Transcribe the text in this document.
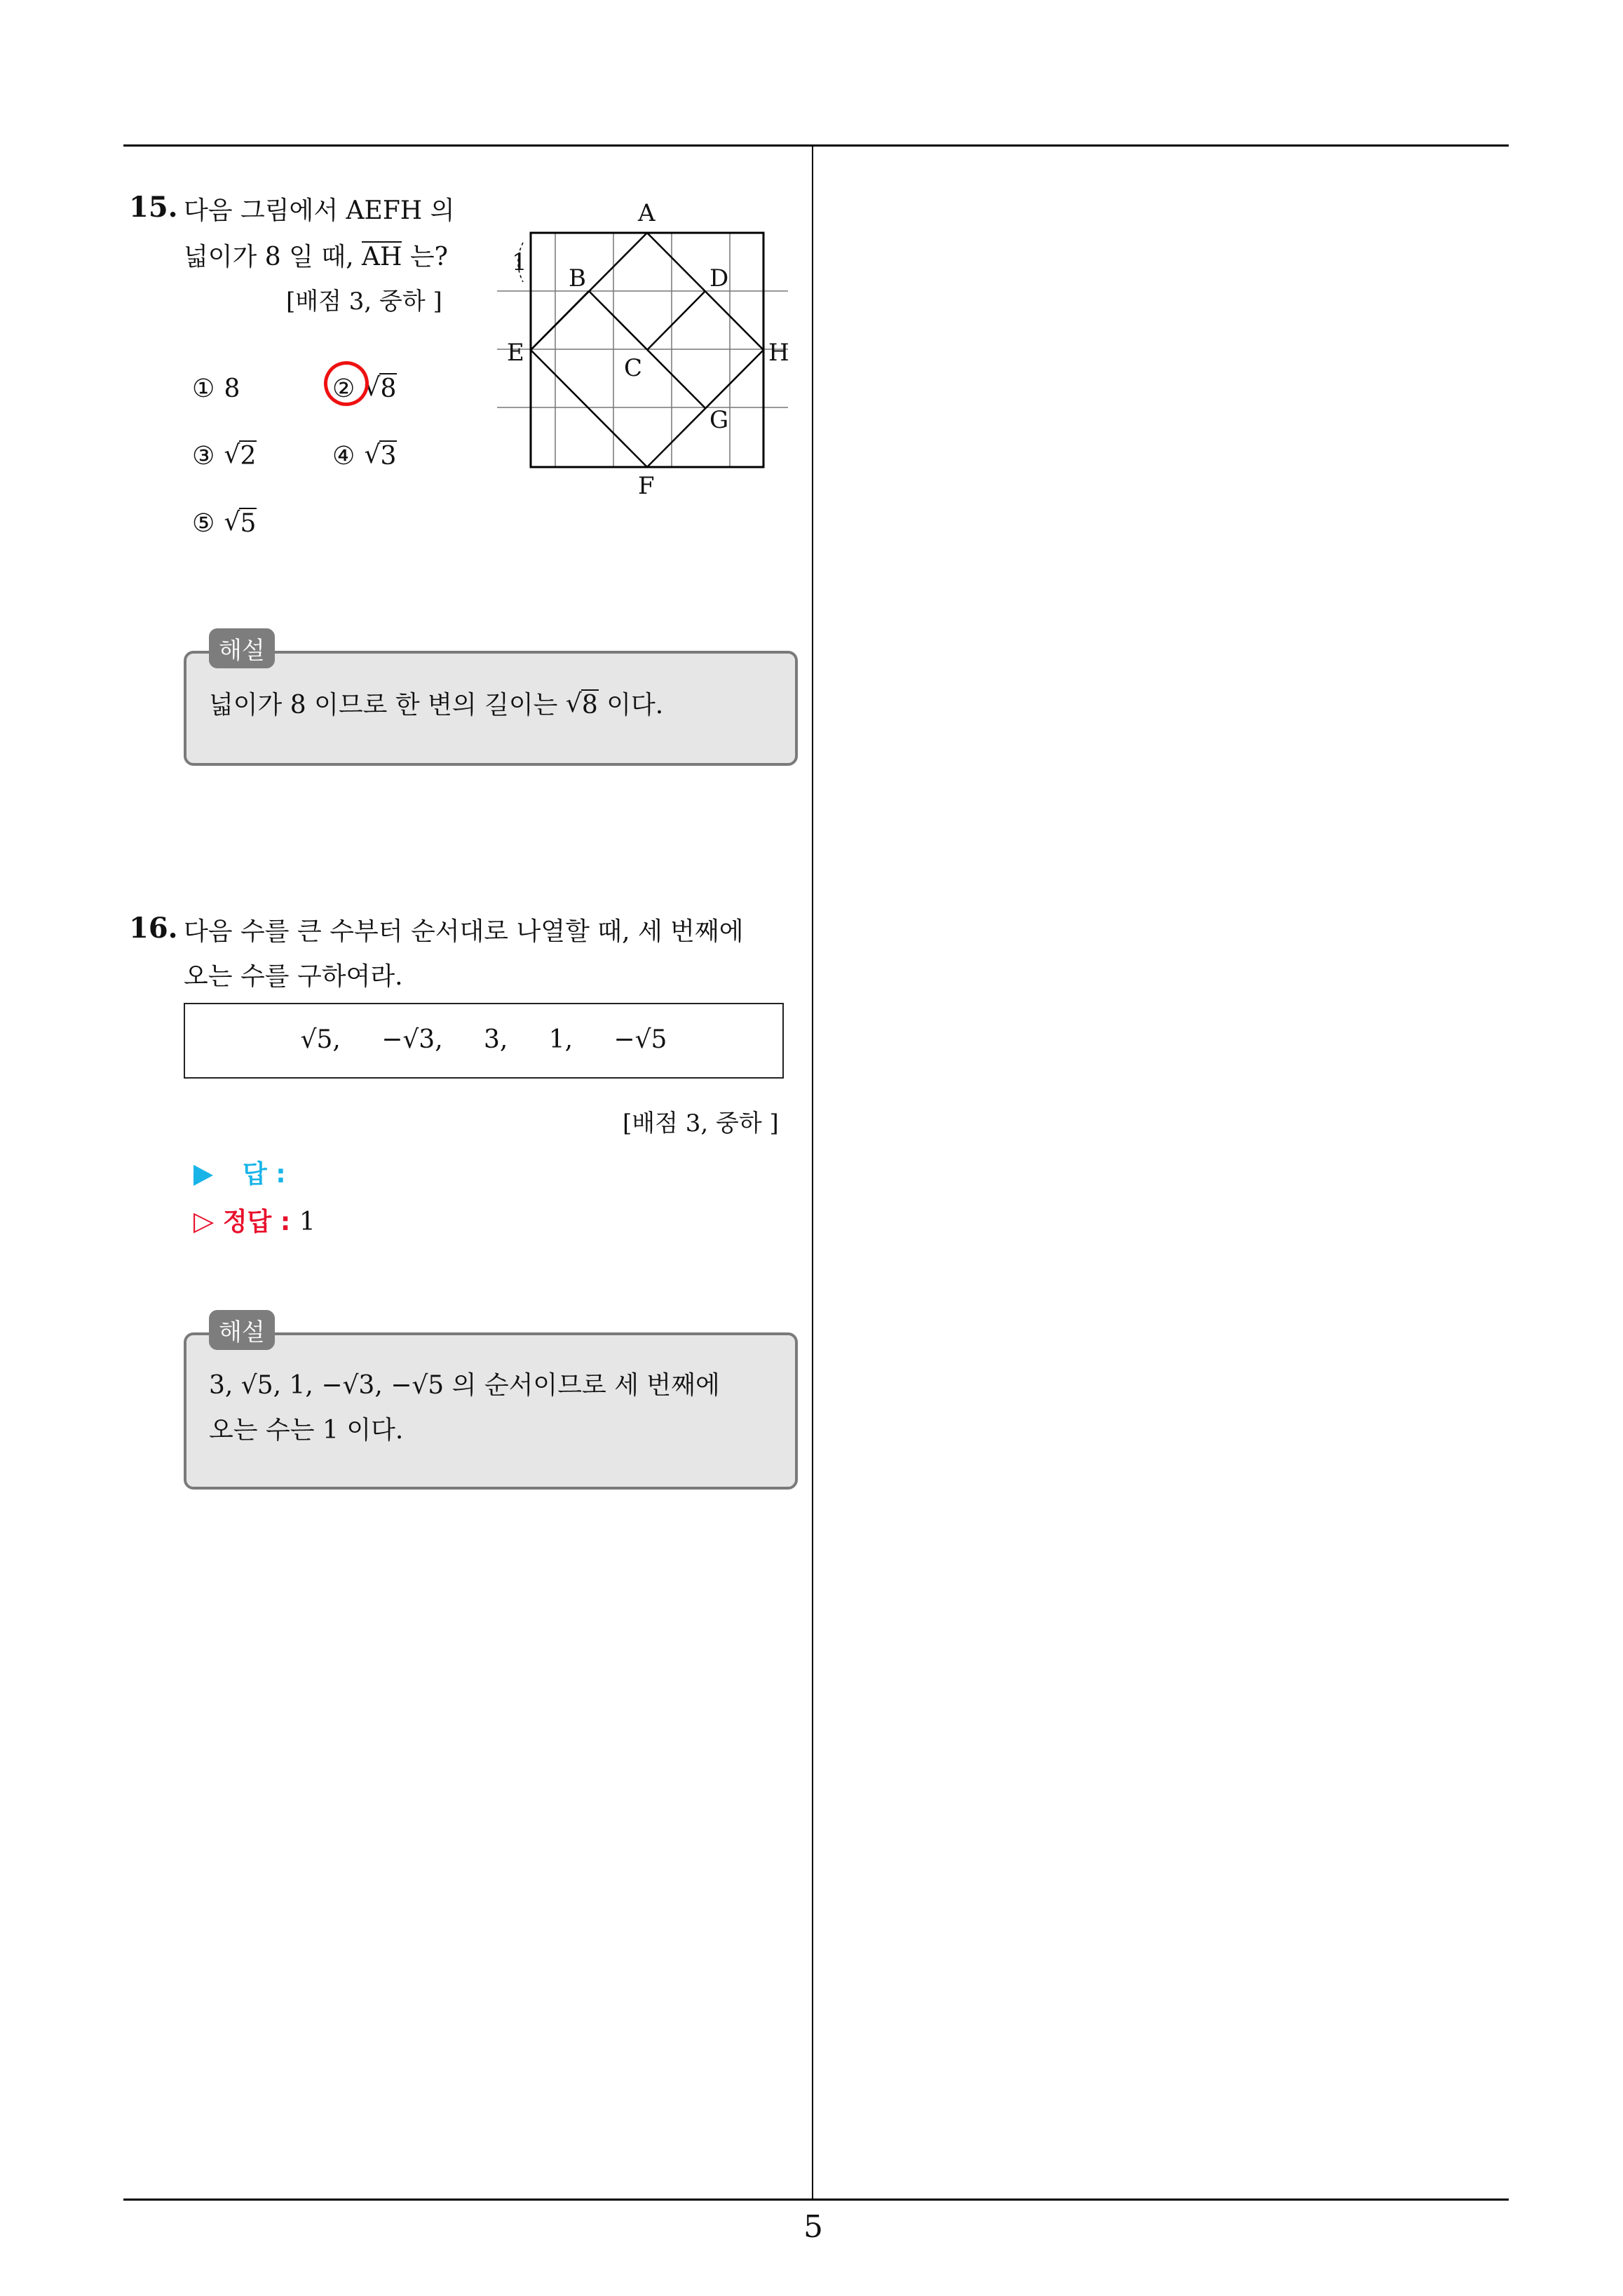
15. 다음 그림에서 AEFH 의
넓이가 8 일 때, AH 는?
[배점 3, 중하 ]
① 8	② √ 8
③ √ 2	④ √ 3
⑤ √ 5
A
B
C
D
E
F
G
H
1
해설
넓이가 8 이므로 한 변의 길이는 √ 8 이다.
16. 다음 수를 큰 수부터 순서대로 나열할 때, 세 번째에
오는 수를 구하여라.
√5, −√3, 3, 1, −√5
[배점 3, 중하 ]
답 :
▷ 정답 : 1
해설
3, √5, 1, −√3, −√5 의 순서이므로 세 번째에
오는 수는 1 이다.
5
